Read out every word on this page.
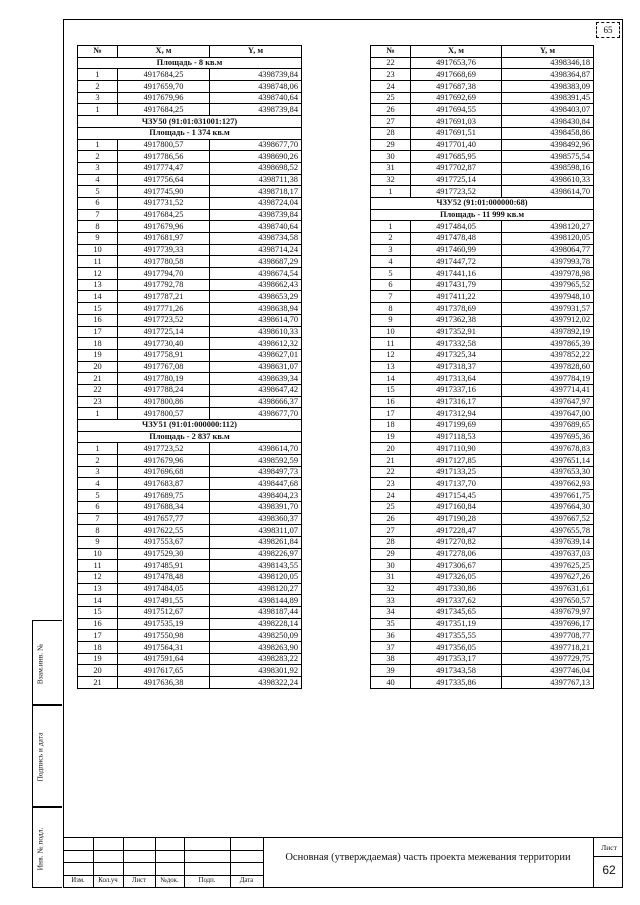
65
№	X, м	Y, м
Площадь - 8 кв.м		
1	4917684,25	4398739,84
2	4917659,70	4398748,06
3	4917679,96	4398740,64
1	4917684,25	4398739,84
ЧЗУ50 (91:01:031001:127)		
Площадь - 1 374 кв.м		
1	4917800,57	4398677,70
2	4917786,56	4398690,26
3	4917774,47	4398698,52
4	4917756,64	4398711,38
5	4917745,90	4398718,17
6	4917731,52	4398724,04
7	4917684,25	4398739,84
8	4917679,96	4398740,64
9	4917681,97	4398734,58
10	4917739,33	4398714,24
11	4917780,58	4398687,29
12	4917794,70	4398674,54
13	4917792,78	4398662,43
14	4917787,21	4398653,29
15	4917771,26	4398638,94
16	4917723,52	4398614,70
17	4917725,14	4398610,33
18	4917730,40	4398612,32
19	4917758,91	4398627,01
20	4917767,08	4398631,07
21	4917780,19	4398639,34
22	4917788,24	4398647,42
23	4917800,86	4398666,37
1	4917800,57	4398677,70
ЧЗУ51 (91:01:000000:112)		
Площадь - 2 837 кв.м		
1	4917723,52	4398614,70
2	4917679,96	4398592,59
3	4917696,68	4398497,73
4	4917683,87	4398447,68
5	4917689,75	4398404,23
6	4917688,34	4398391,70
7	4917657,77	4398360,37
8	4917622,55	4398311,07
9	4917553,67	4398261,84
10	4917529,30	4398226,97
11	4917485,91	4398143,55
12	4917478,48	4398120,05
13	4917484,05	4398120,27
14	4917491,55	4398144,89
15	4917512,67	4398187,44
16	4917535,19	4398228,14
17	4917550,98	4398250,09
18	4917564,31	4398263,90
19	4917591,64	4398283,22
20	4917617,65	4398301,92
21	4917636,38	4398322,24
№	X, м	Y, м
22	4917653,76	4398346,18
23	4917668,69	4398364,87
24	4917687,38	4398383,09
25	4917692,69	4398391,45
26	4917694,55	4398403,07
27	4917691,03	4398430,84
28	4917691,51	4398458,86
29	4917701,40	4398492,96
30	4917685,95	4398575,54
31	4917702,87	4398598,16
32	4917725,14	4398610,33
1	4917723,52	4398614,70
ЧЗУ52 (91:01:000000:68)		
Площадь - 11 999 кв.м		
1	4917484,05	4398120,27
2	4917478,48	4398120,05
3	4917460,99	4398064,77
4	4917447,72	4397993,78
5	4917441,16	4397978,98
6	4917431,79	4397965,52
7	4917411,22	4397948,10
8	4917378,69	4397931,57
9	4917362,38	4397912,02
10	4917352,91	4397892,19
11	4917332,58	4397865,39
12	4917325,34	4397852,22
13	4917318,37	4397828,60
14	4917313,64	4397784,19
15	4917337,16	4397714,41
16	4917316,17	4397647,97
17	4917312,94	4397647,00
18	4917199,69	4397689,65
19	4917118,53	4397695,36
20	4917110,90	4397678,83
21	4917127,85	4397651,14
22	4917133,25	4397653,30
23	4917137,70	4397662,93
24	4917154,45	4397661,75
25	4917160,84	4397664,30
26	4917190,28	4397667,52
27	4917228,47	4397655,78
28	4917270,82	4397639,14
29	4917278,06	4397637,03
30	4917306,67	4397625,25
31	4917326,05	4397627,26
32	4917330,86	4397631,61
33	4917337,62	4397650,57
34	4917345,65	4397679,97
35	4917351,19	4397696,17
36	4917355,55	4397708,77
37	4917356,05	4397718,21
38	4917353,17	4397729,75
39	4917343,58	4397746,04
40	4917335,86	4397767,13
Взам.инв. №
Подпись и дата
Инв. № подл.
Изм.	Кол.уч	Лист	№док.	Подп.	Дата
Основная (утверждаемая) часть проекта межевания территории
Лист
62
